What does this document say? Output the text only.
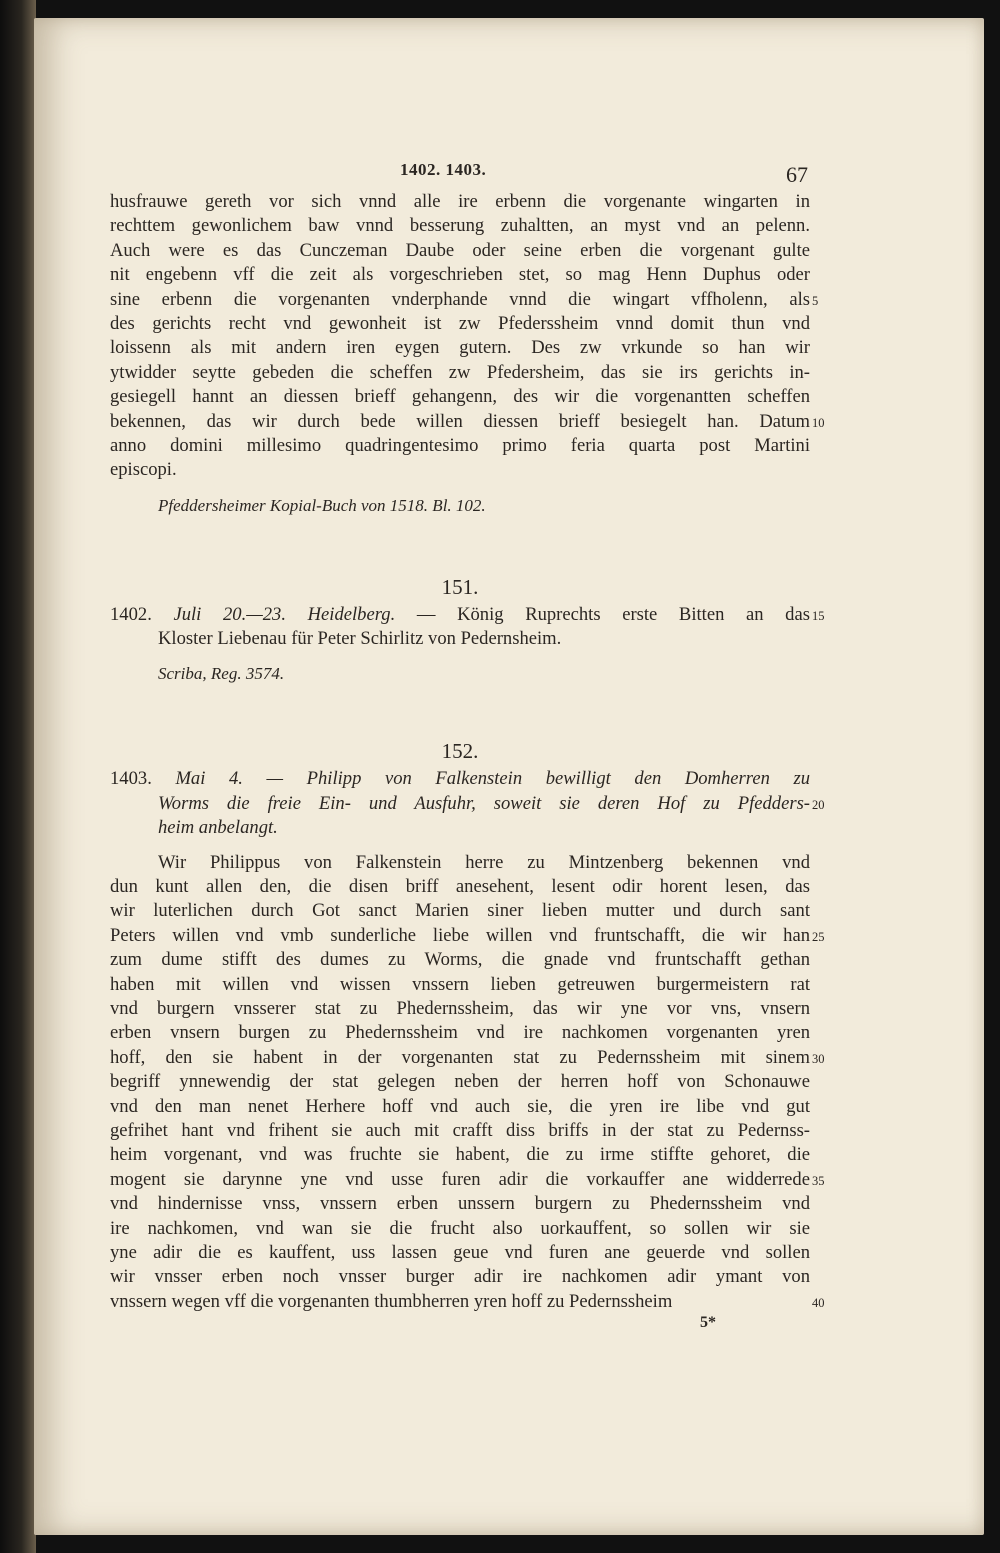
1402. 1403.	67
husfrauwe gereth vor sich vnnd alle ire erbenn die vorgenante wingarten in
rechttem gewonlichem baw vnnd besserung zuhaltten, an myst vnd an pelenn.
Auch were es das Cunczeman Daube oder seine erben die vorgenant gulte
nit engebenn vff die zeit als vorgeschrieben stet, so mag Henn Duphus oder
sine erbenn die vorgenanten vnderphande vnnd die wingart vffholenn, als 5
des gerichts recht vnd gewonheit ist zw Pfederssheim vnnd domit thun vnd
loissenn als mit andern iren eygen gutern. Des zw vrkunde so han wir
ytwidder seytte gebeden die scheffen zw Pfedersheim, das sie irs gerichts in-
gesiegell hannt an diessen brieff gehangenn, des wir die vorgenantten scheffen
bekennen, das wir durch bede willen diessen brieff besiegelt han. Datum 10
anno domini millesimo quadringentesimo primo feria quarta post Martini
episcopi.
Pfeddersheimer Kopial-Buch von 1518. Bl. 102.
151.
1402. Juli 20.—23. Heidelberg. — König Ruprechts erste Bitten an das 15
Kloster Liebenau für Peter Schirlitz von Pedernsheim.
Scriba, Reg. 3574.
152.
1403. Mai 4. — Philipp von Falkenstein bewilligt den Domherren zu
Worms die freie Ein- und Ausfuhr, soweit sie deren Hof zu Pfedders- 20
heim anbelangt.
Wir Philippus von Falkenstein herre zu Mintzenberg bekennen vnd
dun kunt allen den, die disen briff anesehent, lesent odir horent lesen, das
wir luterlichen durch Got sanct Marien siner lieben mutter und durch sant
Peters willen vnd vmb sunderliche liebe willen vnd fruntschafft, die wir han 25
zum dume stifft des dumes zu Worms, die gnade vnd fruntschafft gethan
haben mit willen vnd wissen vnssern lieben getreuwen burgermeistern rat
vnd burgern vnsserer stat zu Phedernssheim, das wir yne vor vns, vnsern
erben vnsern burgen zu Phedernssheim vnd ire nachkomen vorgenanten yren
hoff, den sie habent in der vorgenanten stat zu Pedernssheim mit sinem 30
begriff ynnewendig der stat gelegen neben der herren hoff von Schonauwe
vnd den man nenet Herhere hoff vnd auch sie, die yren ire libe vnd gut
gefrihet hant vnd frihent sie auch mit crafft diss briffs in der stat zu Pedernss-
heim vorgenant, vnd was fruchte sie habent, die zu irme stiffte gehoret, die
mogent sie darynne yne vnd usse furen adir die vorkauffer ane widderrede 35
vnd hindernisse vnss, vnssern erben unssern burgern zu Phedernssheim vnd
ire nachkomen, vnd wan sie die frucht also uorkauffent, so sollen wir sie
yne adir die es kauffent, uss lassen geue vnd furen ane geuerde vnd sollen
wir vnsser erben noch vnsser burger adir ire nachkomen adir ymant von
vnssern wegen vff die vorgenanten thumbherren yren hoff zu Pedernssheim	40
5*
